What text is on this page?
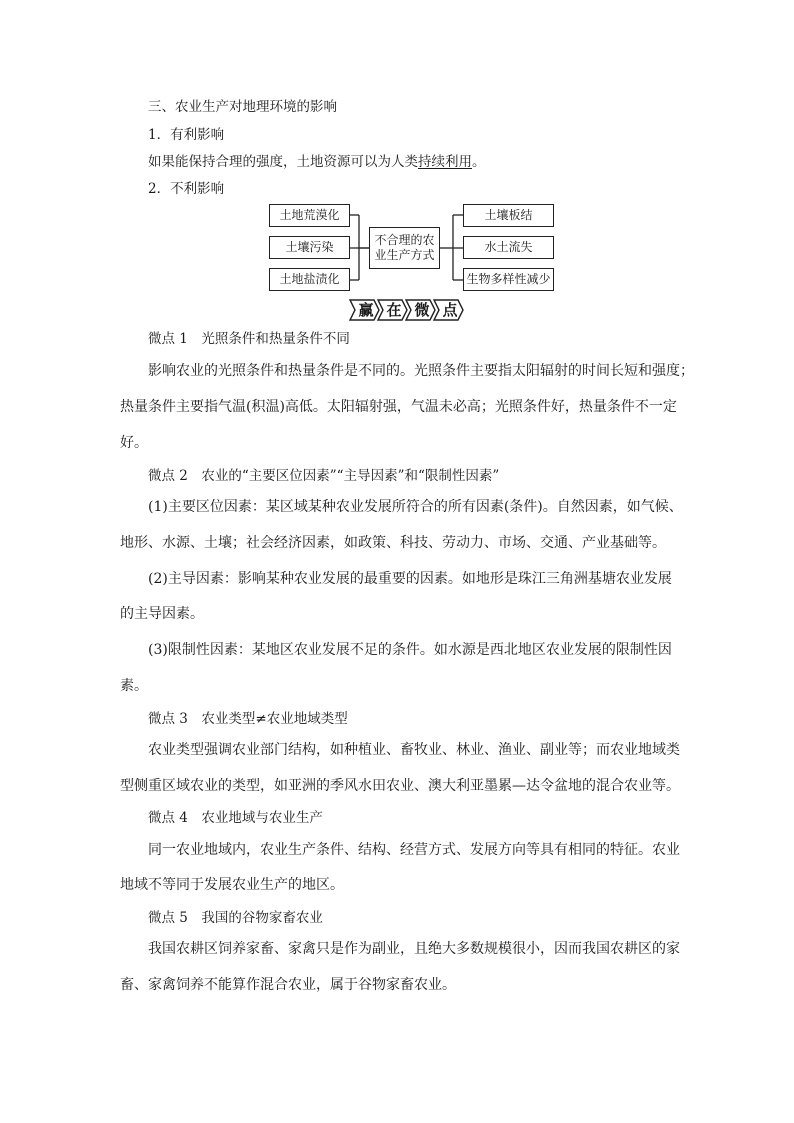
三、农业生产对地理环境的影响
1．有利影响
如果能保持合理的强度，土地资源可以为人类持续利用。
2．不利影响
土地荒漠化
土壤污染
土地盐渍化
不合理的农
业生产方式
土壤板结
水土流失
生物多样性减少
赢 在 微 点
微点 1　光照条件和热量条件不同
影响农业的光照条件和热量条件是不同的。光照条件主要指太阳辐射的时间长短和强度；
热量条件主要指气温(积温)高低。太阳辐射强，气温未必高；光照条件好，热量条件不一定
好。
微点 2　农业的“主要区位因素”“主导因素”和“限制性因素”
(1)主要区位因素：某区域某种农业发展所符合的所有因素(条件)。自然因素，如气候、
地形、水源、土壤；社会经济因素，如政策、科技、劳动力、市场、交通、产业基础等。
(2)主导因素：影响某种农业发展的最重要的因素。如地形是珠江三角洲基塘农业发展
的主导因素。
(3)限制性因素：某地区农业发展不足的条件。如水源是西北地区农业发展的限制性因
素。
微点 3　农业类型≠农业地域类型
农业类型强调农业部门结构，如种植业、畜牧业、林业、渔业、副业等；而农业地域类
型侧重区域农业的类型，如亚洲的季风水田农业、澳大利亚墨累—达令盆地的混合农业等。
微点 4　农业地域与农业生产
同一农业地域内，农业生产条件、结构、经营方式、发展方向等具有相同的特征。农业
地域不等同于发展农业生产的地区。
微点 5　我国的谷物家畜农业
我国农耕区饲养家畜、家禽只是作为副业，且绝大多数规模很小，因而我国农耕区的家
畜、家禽饲养不能算作混合农业，属于谷物家畜农业。
